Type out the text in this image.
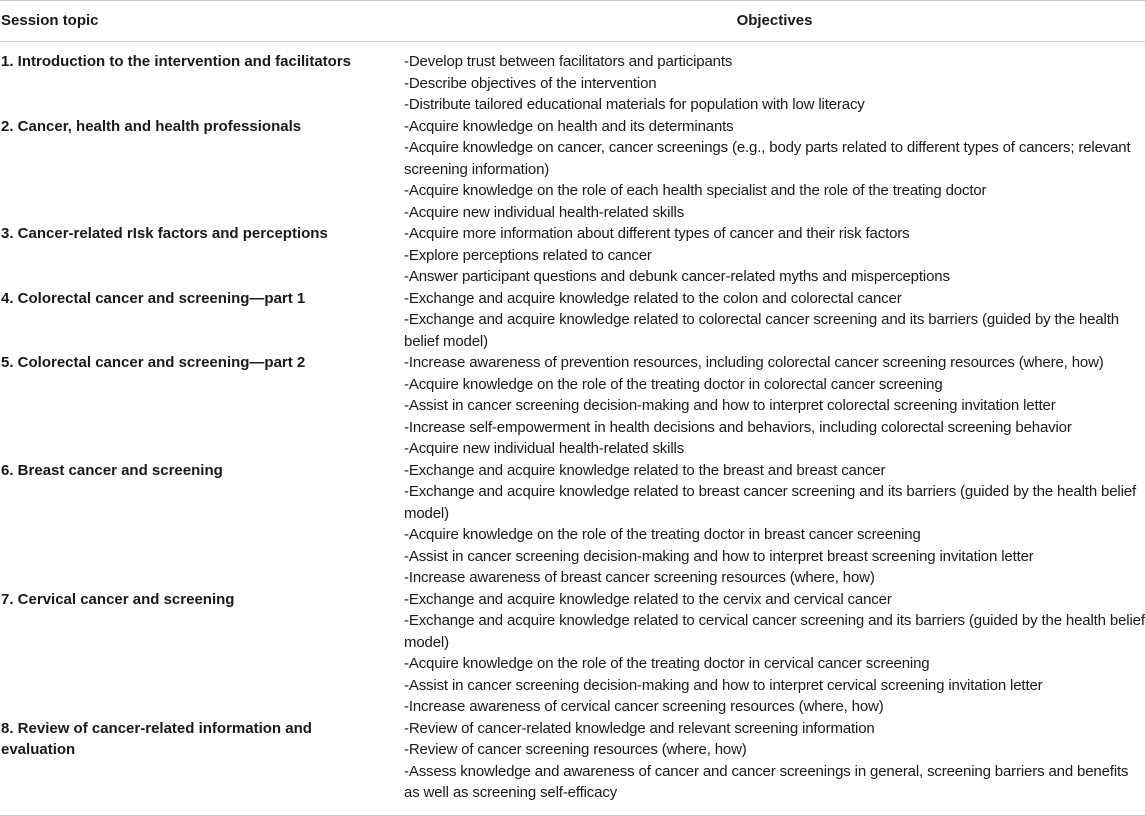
Session topic	Objectives
1. Introduction to the intervention and facilitators	-Develop trust between facilitators and participants
-Describe objectives of the intervention
-Distribute tailored educational materials for population with low literacy

2. Cancer, health and health professionals	-Acquire knowledge on health and its determinants
-Acquire knowledge on cancer, cancer screenings (e.g., body parts related to different types of cancers; relevant screening information)
-Acquire knowledge on the role of each health specialist and the role of the treating doctor
-Acquire new individual health-related skills

3. Cancer-related rIsk factors and perceptions	-Acquire more information about different types of cancer and their risk factors
-Explore perceptions related to cancer
-Answer participant questions and debunk cancer-related myths and misperceptions

4. Colorectal cancer and screening—part 1	-Exchange and acquire knowledge related to the colon and colorectal cancer
-Exchange and acquire knowledge related to colorectal cancer screening and its barriers (guided by the health belief model)

5. Colorectal cancer and screening—part 2	-Increase awareness of prevention resources, including colorectal cancer screening resources (where, how)
-Acquire knowledge on the role of the treating doctor in colorectal cancer screening
-Assist in cancer screening decision-making and how to interpret colorectal screening invitation letter
-Increase self-empowerment in health decisions and behaviors, including colorectal screening behavior
-Acquire new individual health-related skills

6. Breast cancer and screening	-Exchange and acquire knowledge related to the breast and breast cancer
-Exchange and acquire knowledge related to breast cancer screening and its barriers (guided by the health belief model)
-Acquire knowledge on the role of the treating doctor in breast cancer screening
-Assist in cancer screening decision-making and how to interpret breast screening invitation letter
-Increase awareness of breast cancer screening resources (where, how)

7. Cervical cancer and screening	-Exchange and acquire knowledge related to the cervix and cervical cancer
-Exchange and acquire knowledge related to cervical cancer screening and its barriers (guided by the health belief model)
-Acquire knowledge on the role of the treating doctor in cervical cancer screening
-Assist in cancer screening decision-making and how to interpret cervical screening invitation letter
-Increase awareness of cervical cancer screening resources (where, how)

8. Review of cancer-related information and evaluation	-Review of cancer-related knowledge and relevant screening information
-Review of cancer screening resources (where, how)
-Assess knowledge and awareness of cancer and cancer screenings in general, screening barriers and benefits as well as screening self-efficacy
